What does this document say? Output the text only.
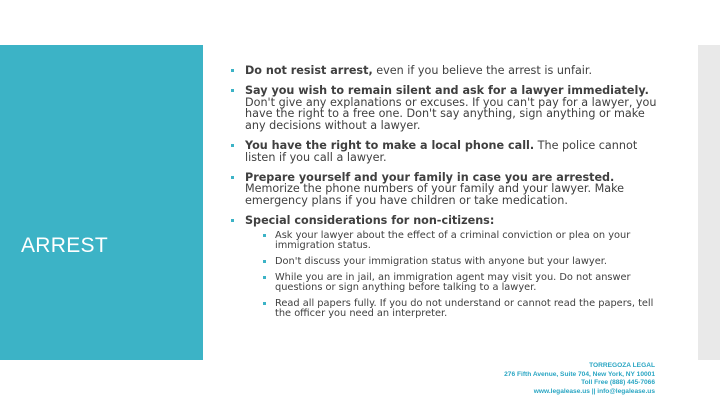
ARREST
Do not resist arrest, even if you believe the arrest is unfair.
Say you wish to remain silent and ask for a lawyer immediately. Don't give any explanations or excuses. If you can't pay for a lawyer, you have the right to a free one. Don't say anything, sign anything or make any decisions without a lawyer.
You have the right to make a local phone call. The police cannot listen if you call a lawyer.
Prepare yourself and your family in case you are arrested. Memorize the phone numbers of your family and your lawyer. Make emergency plans if you have children or take medication.
Special considerations for non-citizens:
Ask your lawyer about the effect of a criminal conviction or plea on your immigration status.
Don't discuss your immigration status with anyone but your lawyer.
While you are in jail, an immigration agent may visit you. Do not answer questions or sign anything before talking to a lawyer.
Read all papers fully. If you do not understand or cannot read the papers, tell the officer you need an interpreter.
TORREGOZA LEGAL
276 Fifth Avenue, Suite 704, New York, NY 10001
Toll Free (888) 445-7066
www.legalease.us || info@legalease.us
